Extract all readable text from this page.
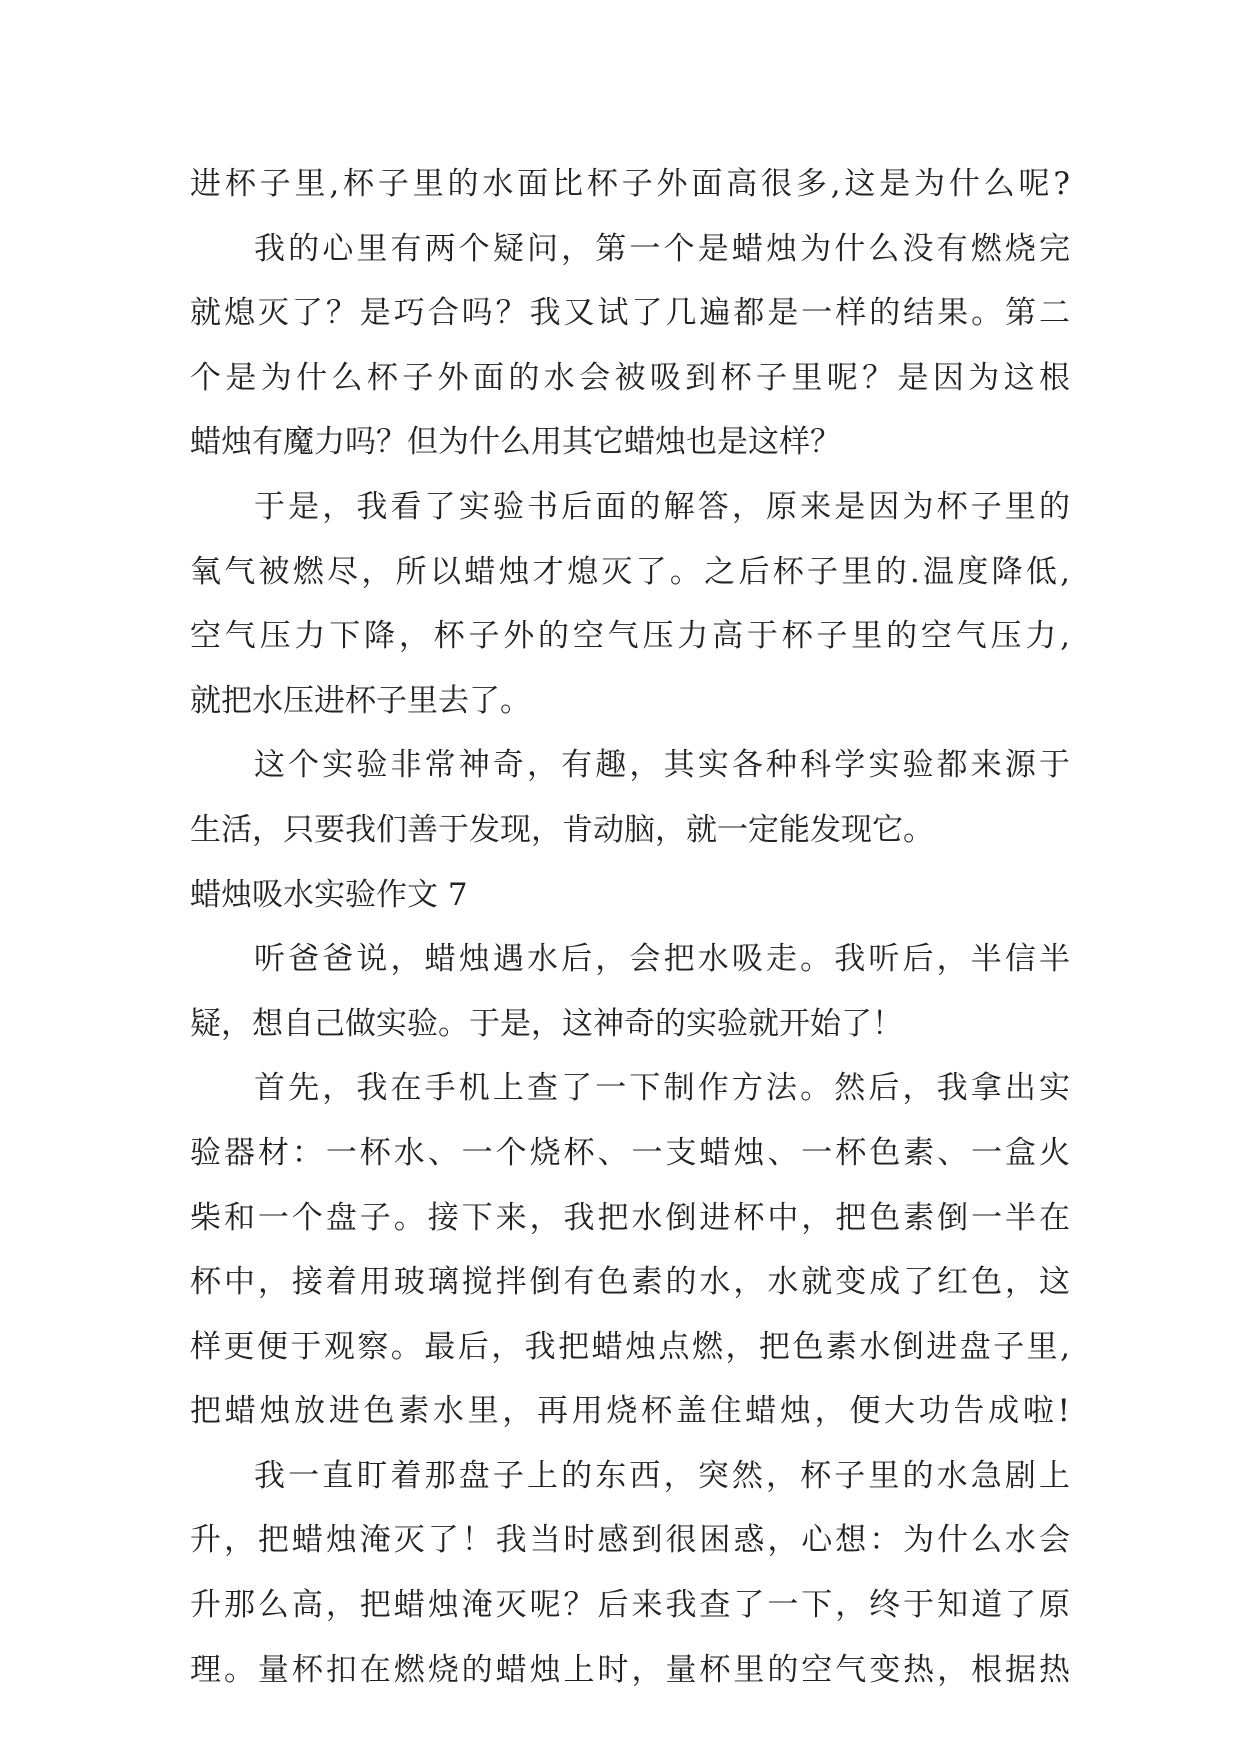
进杯子里,杯子里的水面比杯子外面高很多,这是为什么呢?
我的心里有两个疑问，第一个是蜡烛为什么没有燃烧完
就熄灭了？是巧合吗？我又试了几遍都是一样的结果。第二
个是为什么杯子外面的水会被吸到杯子里呢？是因为这根
蜡烛有魔力吗？但为什么用其它蜡烛也是这样？
于是，我看了实验书后面的解答，原来是因为杯子里的
氧气被燃尽，所以蜡烛才熄灭了。之后杯子里的.温度降低,
空气压力下降，杯子外的空气压力高于杯子里的空气压力,
就把水压进杯子里去了。
这个实验非常神奇，有趣，其实各种科学实验都来源于
生活，只要我们善于发现，肯动脑，就一定能发现它。
蜡烛吸水实验作文 7
听爸爸说，蜡烛遇水后，会把水吸走。我听后，半信半
疑，想自己做实验。于是，这神奇的实验就开始了！
首先，我在手机上查了一下制作方法。然后，我拿出实
验器材：一杯水、一个烧杯、一支蜡烛、一杯色素、一盒火
柴和一个盘子。接下来，我把水倒进杯中，把色素倒一半在
杯中，接着用玻璃搅拌倒有色素的水，水就变成了红色，这
样更便于观察。最后，我把蜡烛点燃，把色素水倒进盘子里,
把蜡烛放进色素水里，再用烧杯盖住蜡烛，便大功告成啦!
我一直盯着那盘子上的东西，突然，杯子里的水急剧上
升，把蜡烛淹灭了！我当时感到很困惑，心想：为什么水会
升那么高，把蜡烛淹灭呢？后来我查了一下，终于知道了原
理。量杯扣在燃烧的蜡烛上时，量杯里的空气变热，根据热
